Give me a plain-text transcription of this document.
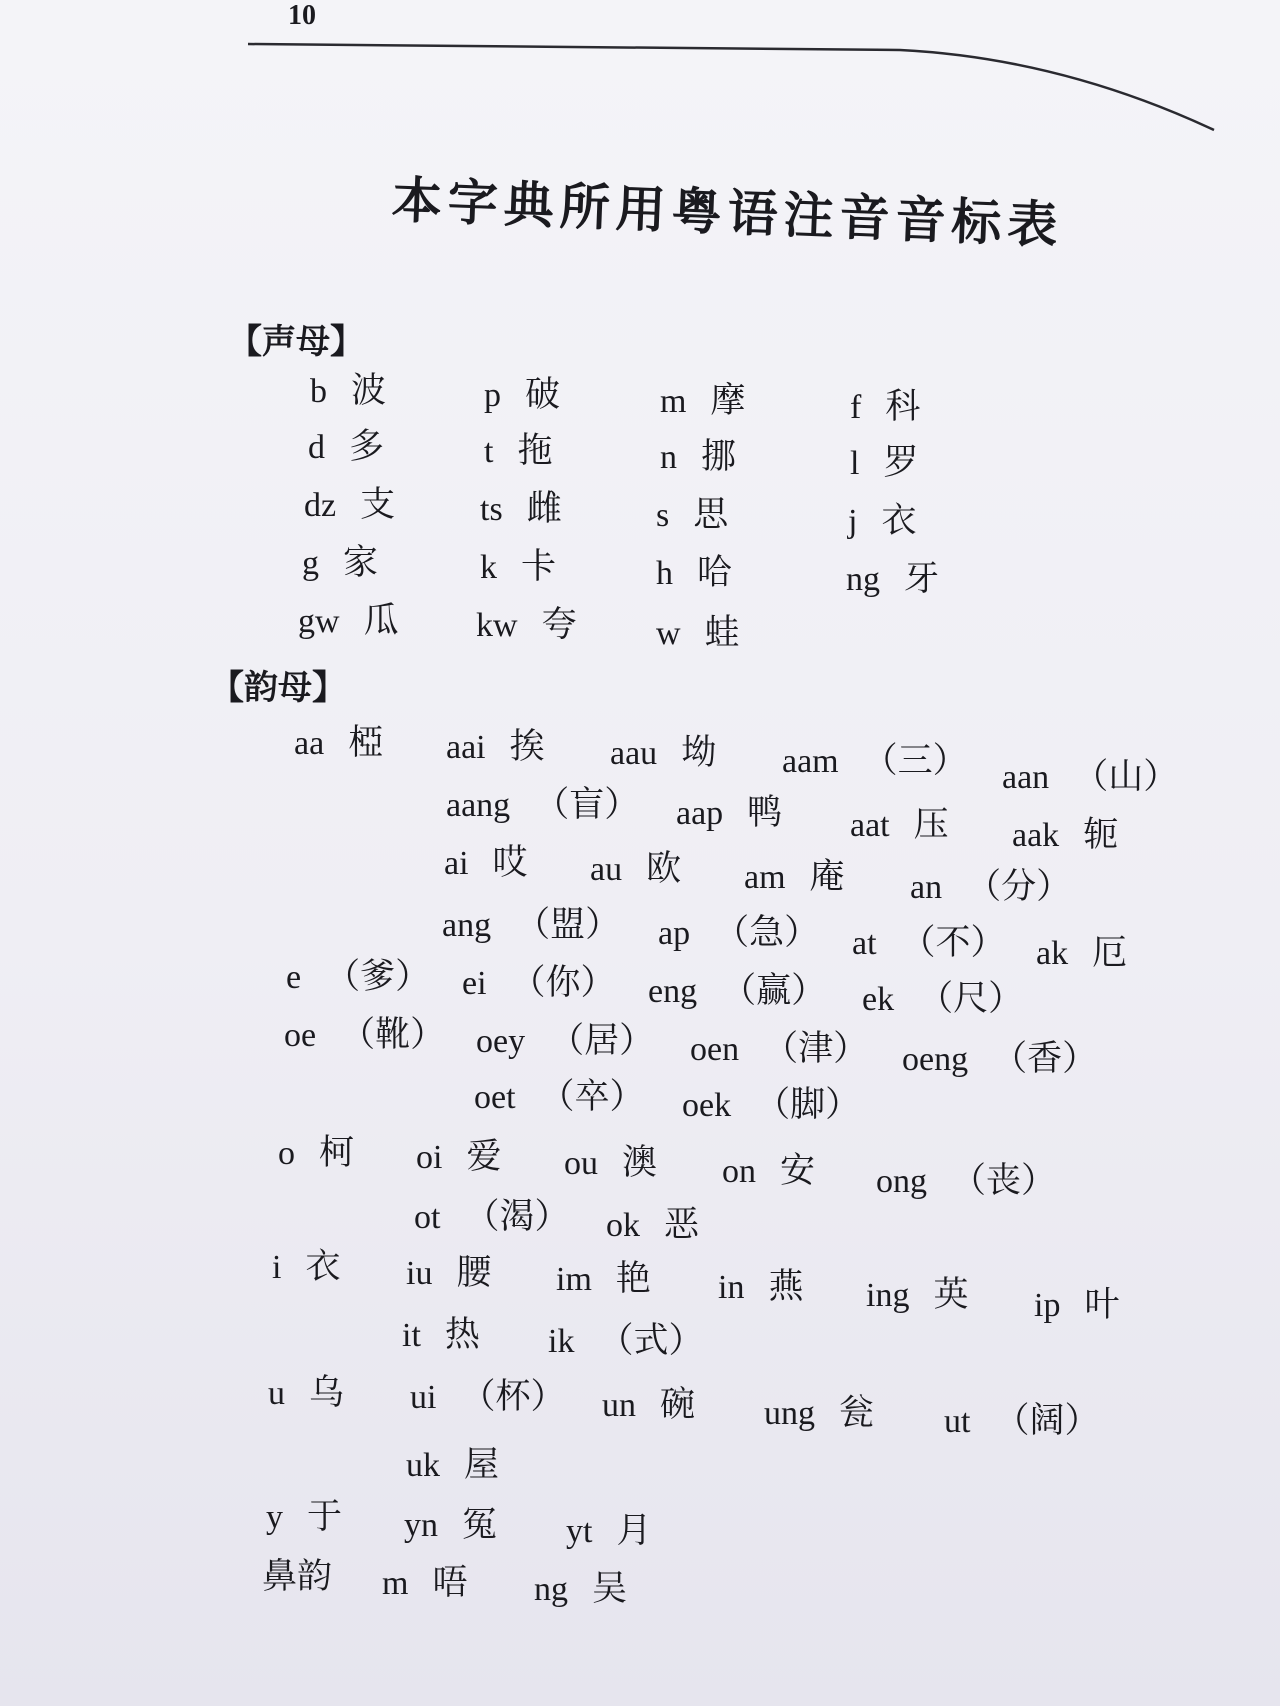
10
本字典所用粤语注音音标表
【声母】
b 波	p 破	m 摩	f 科
d 多	t 拖	n 挪	l 罗
dz 支 ts 雌	s 思	j 衣
g 家	k 卡	h 哈	ng 牙
gw 瓜 kw 夸 w 蛙
【韵母】
aa 椏 aai 挨 aau 坳 aam （三） aan （山）
aang （盲） aap 鸭 aat 压 aak 轭
ai 哎 au 欧 am 庵 an （分）
ang （盟） ap （急） at （不） ak 厄
e （爹） ei （你） eng （赢） ek （尺）
oe （靴） oey （居） oen （津） oeng （香）
oet （卒） oek （脚）
o 柯 oi 爱 ou 澳 on 安 ong （丧）
ot （渴） ok 恶
i 衣 iu 腰 im 艳 in 燕 ing 英 ip 叶
it 热 ik （式）
u 乌 ui （杯） un 碗 ung 瓮 ut （阔）
uk 屋
y 于 yn 冤 yt 月
鼻韵 m 唔 ng 吴
